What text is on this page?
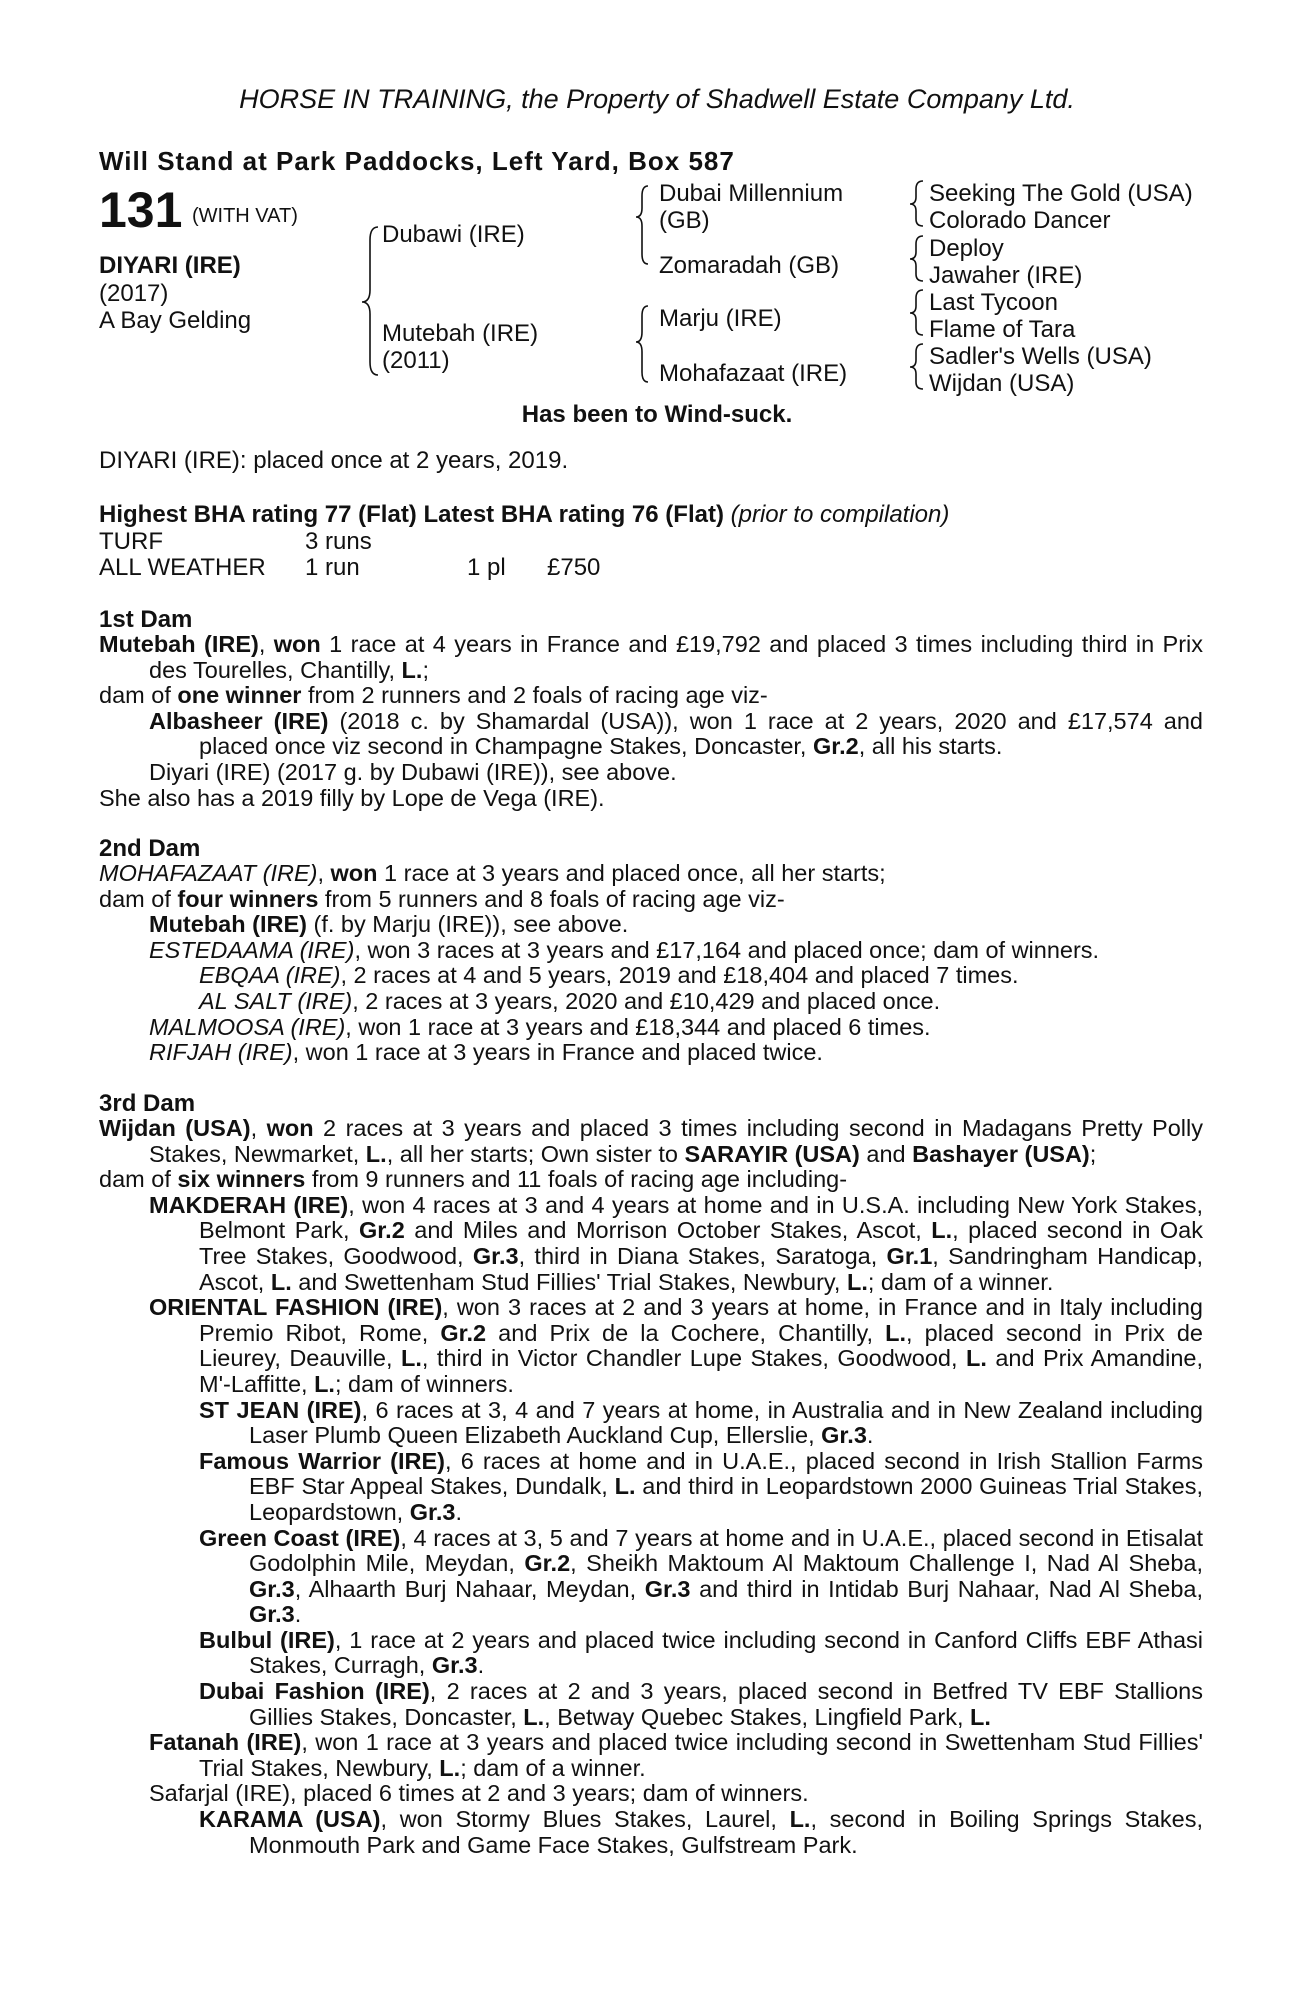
HORSE IN TRAINING, the Property of Shadwell Estate Company Ltd.
Will Stand at Park Paddocks, Left Yard, Box 587
131 (WITH VAT)
DIYARI (IRE)
(2017)
A Bay Gelding
Dubawi (IRE)
Mutebah (IRE)
(2011)
Dubai Millennium
(GB)
Zomaradah (GB)
Marju (IRE)
Mohafazaat (IRE)
Seeking The Gold (USA)
Colorado Dancer
Deploy
Jawaher (IRE)
Last Tycoon
Flame of Tara
Sadler's Wells (USA)
Wijdan (USA)
Has been to Wind-suck.
DIYARI (IRE): placed once at 2 years, 2019.
Highest BHA rating 77 (Flat) Latest BHA rating 76 (Flat) (prior to compilation)
TURF	3 runs
ALL WEATHER 1 run	1 pl £750
1st Dam

Mutebah (IRE), won 1 race at 4 years in France and £19,792 and placed 3 times including third in Prix des Tourelles, Chantilly, L.;

dam of one winner from 2 runners and 2 foals of racing age viz-

Albasheer (IRE) (2018 c. by Shamardal (USA)), won 1 race at 2 years, 2020 and £17,574 and placed once viz second in Champagne Stakes, Doncaster, Gr.2, all his starts.

Diyari (IRE) (2017 g. by Dubawi (IRE)), see above.

She also has a 2019 filly by Lope de Vega (IRE).

2nd Dam

MOHAFAZAAT (IRE), won 1 race at 3 years and placed once, all her starts;

dam of four winners from 5 runners and 8 foals of racing age viz-

Mutebah (IRE) (f. by Marju (IRE)), see above.

ESTEDAAMA (IRE), won 3 races at 3 years and £17,164 and placed once; dam of winners.

EBQAA (IRE), 2 races at 4 and 5 years, 2019 and £18,404 and placed 7 times.

AL SALT (IRE), 2 races at 3 years, 2020 and £10,429 and placed once.

MALMOOSA (IRE), won 1 race at 3 years and £18,344 and placed 6 times.

RIFJAH (IRE), won 1 race at 3 years in France and placed twice.

3rd Dam

Wijdan (USA), won 2 races at 3 years and placed 3 times including second in Madagans Pretty Polly Stakes, Newmarket, L., all her starts; Own sister to SARAYIR (USA) and Bashayer (USA);

dam of six winners from 9 runners and 11 foals of racing age including-

MAKDERAH (IRE), won 4 races at 3 and 4 years at home and in U.S.A. including New York Stakes, Belmont Park, Gr.2 and Miles and Morrison October Stakes, Ascot, L., placed second in Oak Tree Stakes, Goodwood, Gr.3, third in Diana Stakes, Saratoga, Gr.1, Sandringham Handicap, Ascot, L. and Swettenham Stud Fillies' Trial Stakes, Newbury, L.; dam of a winner.

ORIENTAL FASHION (IRE), won 3 races at 2 and 3 years at home, in France and in Italy including Premio Ribot, Rome, Gr.2 and Prix de la Cochere, Chantilly, L., placed second in Prix de Lieurey, Deauville, L., third in Victor Chandler Lupe Stakes, Goodwood, L. and Prix Amandine, M'-Laffitte, L.; dam of winners.

ST JEAN (IRE), 6 races at 3, 4 and 7 years at home, in Australia and in New Zealand including Laser Plumb Queen Elizabeth Auckland Cup, Ellerslie, Gr.3.

Famous Warrior (IRE), 6 races at home and in U.A.E., placed second in Irish Stallion Farms EBF Star Appeal Stakes, Dundalk, L. and third in Leopardstown 2000 Guineas Trial Stakes, Leopardstown, Gr.3.

Green Coast (IRE), 4 races at 3, 5 and 7 years at home and in U.A.E., placed second in Etisalat Godolphin Mile, Meydan, Gr.2, Sheikh Maktoum Al Maktoum Challenge I, Nad Al Sheba, Gr.3, Alhaarth Burj Nahaar, Meydan, Gr.3 and third in Intidab Burj Nahaar, Nad Al Sheba, Gr.3.

Bulbul (IRE), 1 race at 2 years and placed twice including second in Canford Cliffs EBF Athasi Stakes, Curragh, Gr.3.

Dubai Fashion (IRE), 2 races at 2 and 3 years, placed second in Betfred TV EBF Stallions Gillies Stakes, Doncaster, L., Betway Quebec Stakes, Lingfield Park, L.

Fatanah (IRE), won 1 race at 3 years and placed twice including second in Swettenham Stud Fillies' Trial Stakes, Newbury, L.; dam of a winner.

Safarjal (IRE), placed 6 times at 2 and 3 years; dam of winners.

KARAMA (USA), won Stormy Blues Stakes, Laurel, L., second in Boiling Springs Stakes, Monmouth Park and Game Face Stakes, Gulfstream Park.
